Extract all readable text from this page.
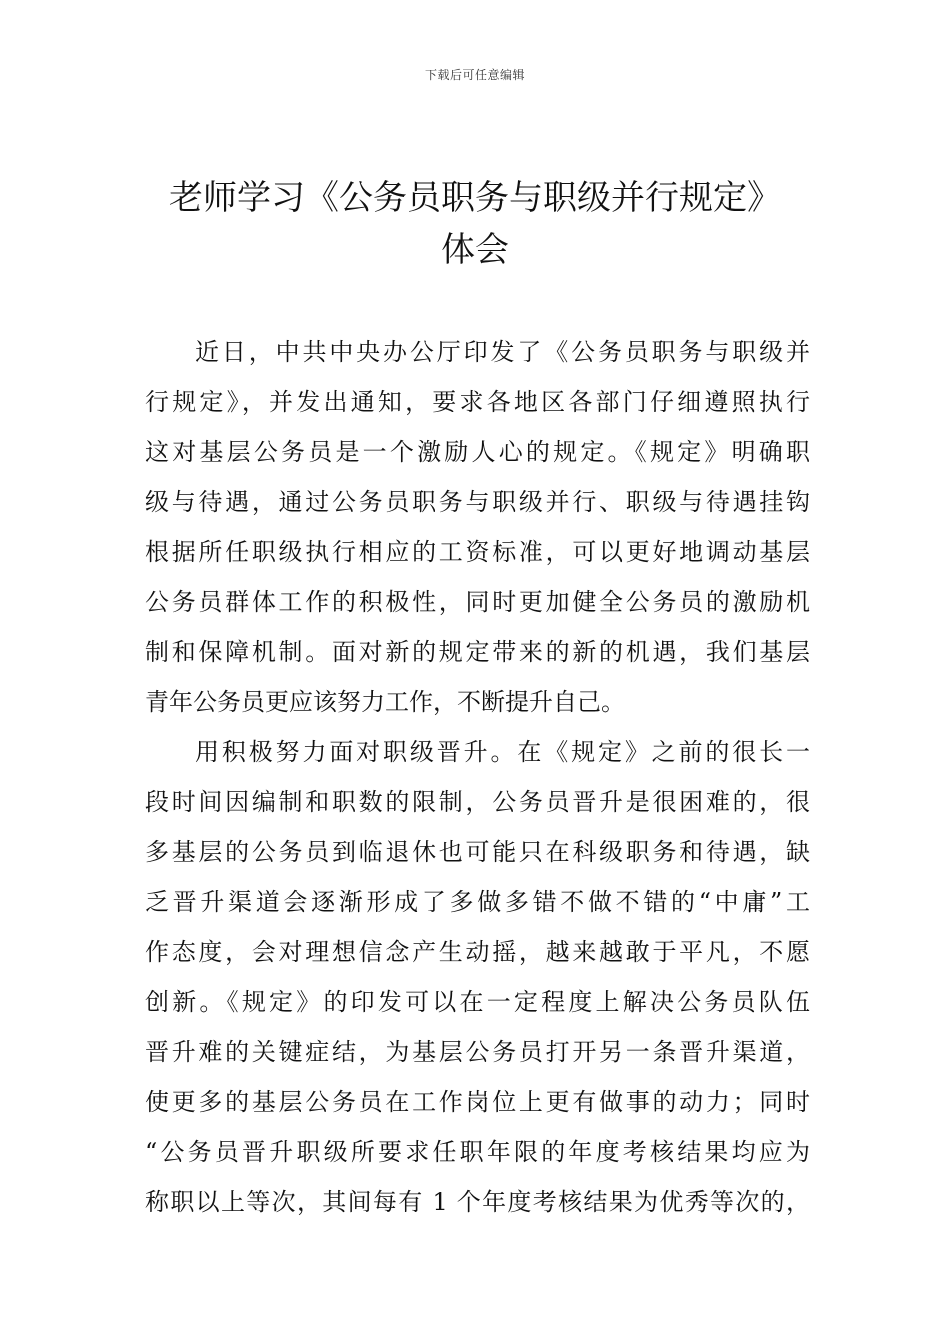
下载后可任意编辑
老师学习《公务员职务与职级并行规定》
体会
近日，中共中央办公厅印发了《公务员职务与职级并
行规定》，并发出通知，要求各地区各部门仔细遵照执行
这对基层公务员是一个激励人心的规定。《规定》明确职
级与待遇，通过公务员职务与职级并行、职级与待遇挂钩
根据所任职级执行相应的工资标准，可以更好地调动基层
公务员群体工作的积极性，同时更加健全公务员的激励机
制和保障机制。面对新的规定带来的新的机遇，我们基层
青年公务员更应该努力工作，不断提升自己。
用积极努力面对职级晋升。在《规定》之前的很长一
段时间因编制和职数的限制，公务员晋升是很困难的，很
多基层的公务员到临退休也可能只在科级职务和待遇，缺
乏晋升渠道会逐渐形成了多做多错不做不错的“中庸”工
作态度，会对理想信念产生动摇，越来越敢于平凡，不愿
创新。《规定》的印发可以在一定程度上解决公务员队伍
晋升难的关键症结，为基层公务员打开另一条晋升渠道，
使更多的基层公务员在工作岗位上更有做事的动力；同时
“公务员晋升职级所要求任职年限的年度考核结果均应为
称职以上等次，其间每有 1 个年度考核结果为优秀等次的，
